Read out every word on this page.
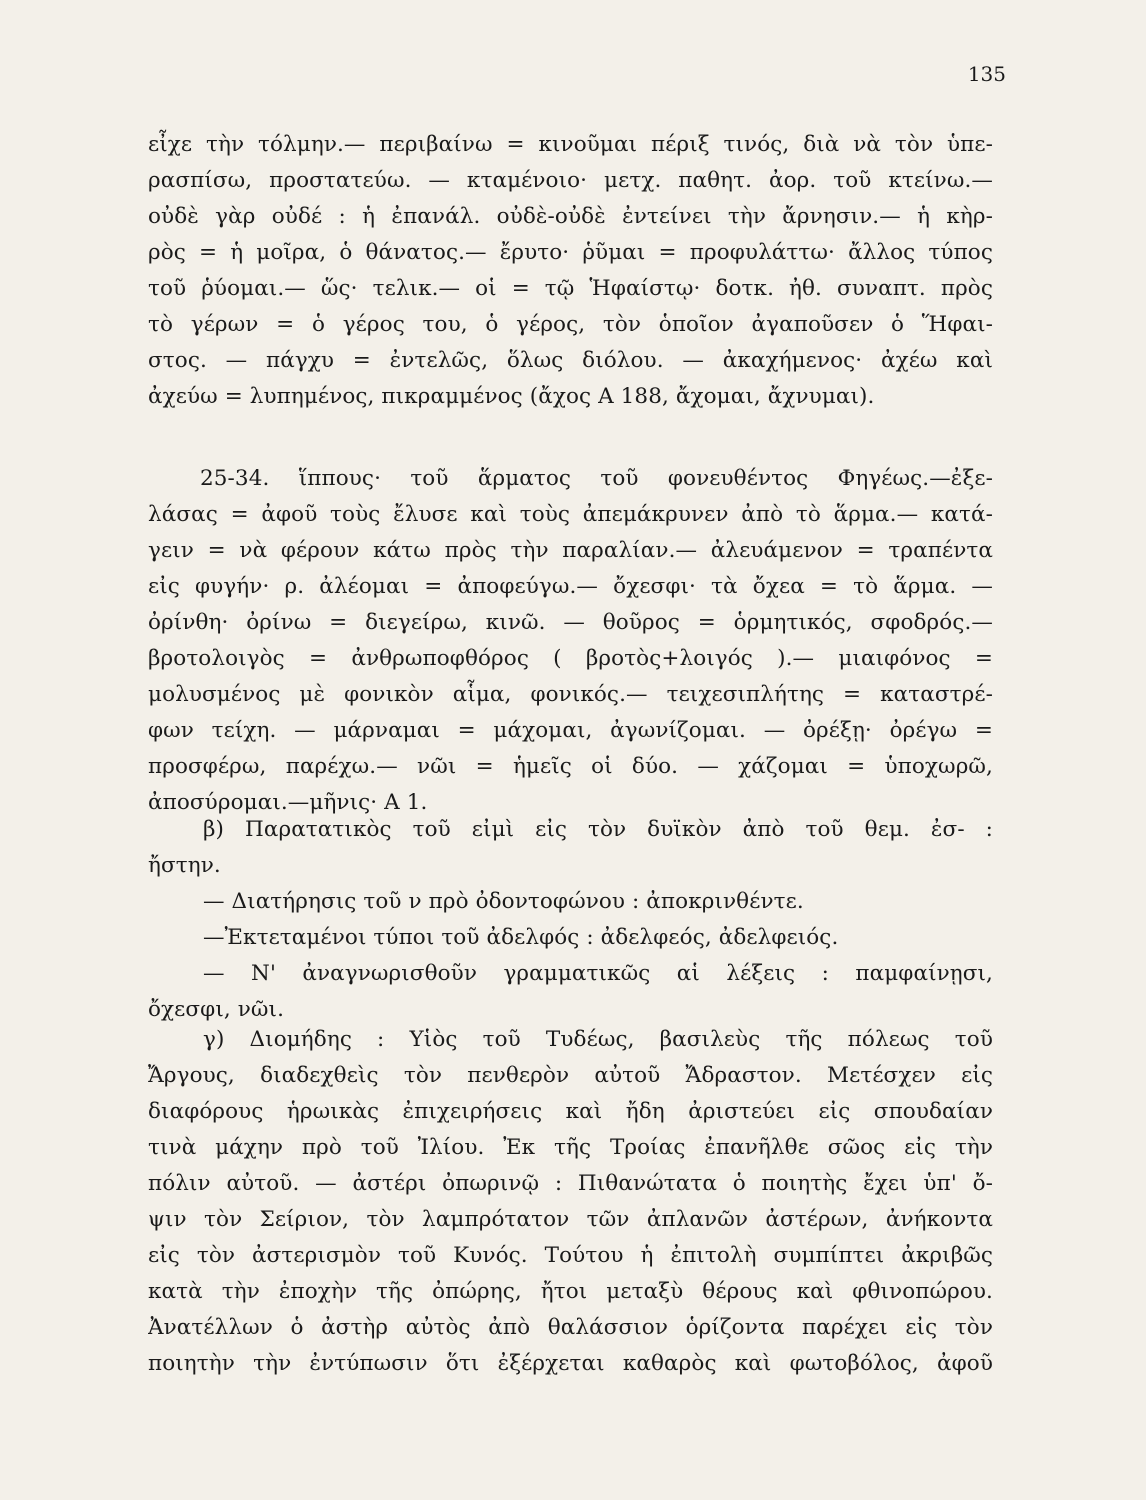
135
εἶχε τὴν τόλμην.— περιβαίνω = κινοῦμαι πέριξ τινός, διὰ νὰ τὸν ὑπε-
ρασπίσω, προστατεύω. — κταμένοιο· μετχ. παθητ. ἀορ. τοῦ κτείνω.—
οὐδὲ γὰρ οὐδέ : ἡ ἐπανάλ. οὐδὲ-οὐδὲ ἐντείνει τὴν ἄρνησιν.— ἡ κὴρ-
ρὸς = ἡ μοῖρα, ὁ θάνατος.— ἔρυτο· ῥῦμαι = προφυλάττω· ἄλλος τύπος
τοῦ ῥύομαι.— ὥς· τελικ.— οἱ = τῷ Ἡφαίστῳ· δοτκ. ἠθ. συναπτ. πρὸς
τὸ γέρων = ὁ γέρος του, ὁ γέρος, τὸν ὁποῖον ἀγαποῦσεν ὁ Ἥφαι-
στος. — πάγχυ = ἐντελῶς, ὅλως διόλου. — ἀκαχήμενος· ἀχέω καὶ
ἀχεύω = λυπημένος, πικραμμένος (ἄχος Α 188, ἄχομαι, ἄχνυμαι).
25-34. ἵππους· τοῦ ἅρματος τοῦ φονευθέντος Φηγέως.—ἐξε-
λάσας = ἀφοῦ τοὺς ἔλυσε καὶ τοὺς ἀπεμάκρυνεν ἀπὸ τὸ ἅρμα.— κατά-
γειν = νὰ φέρουν κάτω πρὸς τὴν παραλίαν.— ἀλευάμενον = τραπέντα
εἰς φυγήν· ρ. ἀλέομαι = ἀποφεύγω.— ὄχεσφι· τὰ ὄχεα = τὸ ἅρμα. —
ὀρίνθη· ὀρίνω = διεγείρω, κινῶ. — θοῦρος = ὁρμητικός, σφοδρός.—
βροτολοιγὸς = ἀνθρωποφθόρος ( βροτὸς+λοιγός ).— μιαιφόνος =
μολυσμένος μὲ φονικὸν αἷμα, φονικός.— τειχεσιπλήτης = καταστρέ-
φων τείχη. — μάρναμαι = μάχομαι, ἀγωνίζομαι. — ὀρέξῃ· ὀρέγω =
προσφέρω, παρέχω.— νῶι = ἡμεῖς οἱ δύο. — χάζομαι = ὑποχωρῶ,
ἀποσύρομαι.—μῆνις· Α 1.
β) Παρατατικὸς τοῦ εἰμὶ εἰς τὸν δυϊκὸν ἀπὸ τοῦ θεμ. ἐσ- :
ἤστην.
— Διατήρησις τοῦ ν πρὸ ὀδοντοφώνου : ἀποκρινθέντε.
—Ἐκτεταμένοι τύποι τοῦ ἀδελφός : ἀδελφεός, ἀδελφειός.
— Ν' ἀναγνωρισθοῦν γραμματικῶς αἱ λέξεις : παμφαίνῃσι,
ὄχεσφι, νῶι.
γ) Διομήδης : Υἱὸς τοῦ Τυδέως, βασιλεὺς τῆς πόλεως τοῦ
Ἄργους, διαδεχθεὶς τὸν πενθερὸν αὐτοῦ Ἄδραστον. Μετέσχεν εἰς
διαφόρους ἡρωικὰς ἐπιχειρήσεις καὶ ἤδη ἀριστεύει εἰς σπουδαίαν
τινὰ μάχην πρὸ τοῦ Ἰλίου. Ἐκ τῆς Τροίας ἐπανῆλθε σῶος εἰς τὴν
πόλιν αὐτοῦ. — ἀστέρι ὀπωρινῷ : Πιθανώτατα ὁ ποιητὴς ἔχει ὑπ' ὄ-
ψιν τὸν Σείριον, τὸν λαμπρότατον τῶν ἀπλανῶν ἀστέρων, ἀνήκοντα
εἰς τὸν ἀστερισμὸν τοῦ Κυνός. Τούτου ἡ ἐπιτολὴ συμπίπτει ἀκριβῶς
κατὰ τὴν ἐποχὴν τῆς ὀπώρης, ἤτοι μεταξὺ θέρους καὶ φθινοπώρου.
Ἀνατέλλων ὁ ἀστὴρ αὐτὸς ἀπὸ θαλάσσιον ὁρίζοντα παρέχει εἰς τὸν
ποιητὴν τὴν ἐντύπωσιν ὅτι ἐξέρχεται καθαρὸς καὶ φωτοβόλος, ἀφοῦ
